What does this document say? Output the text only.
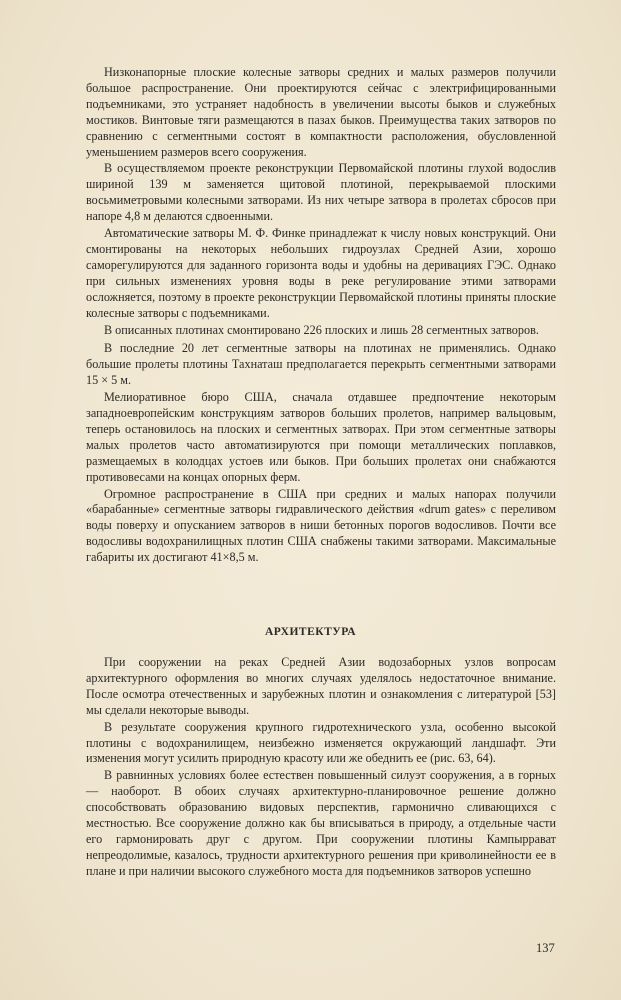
Низконапорные плоские колесные затворы средних и малых размеров получили большое распространение. Они проектируются сейчас с электрифицированными подъемниками, это устраняет надобность в увеличении высоты быков и служебных мостиков. Винтовые тяги размещаются в пазах быков. Преимущества таких затворов по сравнению с сегментными состоят в компактности расположения, обусловленной уменьшением размеров всего сооружения.

В осуществляемом проекте реконструкции Первомайской плотины глухой водослив шириной 139 м заменяется щитовой плотиной, перекрываемой плоскими восьмиметровыми колесными затворами. Из них четыре затвора в пролетах сбросов при напоре 4,8 м делаются сдвоенными.

Автоматические затворы М. Ф. Финке принадлежат к числу новых конструкций. Они смонтированы на некоторых небольших гидроузлах Средней Азии, хорошо саморегулируются для заданного горизонта воды и удобны на деривациях ГЭС. Однако при сильных изменениях уровня воды в реке регулирование этими затворами осложняется, поэтому в проекте реконструкции Первомайской плотины приняты плоские колесные затворы с подъемниками.

В описанных плотинах смонтировано 226 плоских и лишь 28 сегментных затворов.

В последние 20 лет сегментные затворы на плотинах не применялись. Однако большие пролеты плотины Тахнаташ предполагается перекрыть сегментными затворами 15 × 5 м.

Мелиоративное бюро США, сначала отдавшее предпочтение некоторым западноевропейским конструкциям затворов больших пролетов, например вальцовым, теперь остановилось на плоских и сегментных затворах. При этом сегментные затворы малых пролетов часто автоматизируются при помощи металлических поплавков, размещаемых в колодцах устоев или быков. При больших пролетах они снабжаются противовесами на концах опорных ферм.

Огромное распространение в США при средних и малых напорах получили «барабанные» сегментные затворы гидравлического действия «drum gates» с переливом воды поверху и опусканием затворов в ниши бетонных порогов водосливов. Почти все водосливы водохранилищных плотин США снабжены такими затворами. Максимальные габариты их достигают 41×8,5 м.

АРХИТЕКТУРА

При сооружении на реках Средней Азии водозаборных узлов вопросам архитектурного оформления во многих случаях уделялось недостаточное внимание. После осмотра отечественных и зарубежных плотин и ознакомления с литературой [53] мы сделали некоторые выводы.

В результате сооружения крупного гидротехнического узла, особенно высокой плотины с водохранилищем, неизбежно изменяется окружающий ландшафт. Эти изменения могут усилить природную красоту или же обеднить ее (рис. 63, 64).

В равнинных условиях более естествен повышенный силуэт сооружения, а в горных — наоборот. В обоих случаях архитектурно-планировочное решение должно способствовать образованию видовых перспектив, гармонично сливающихся с местностью. Все сооружение должно как бы вписываться в природу, а отдельные части его гармонировать друг с другом. При сооружении плотины Кампыррават непреодолимые, казалось, трудности архитектурного решения при криволинейности ее в плане и при наличии высокого служебного моста для подъемников затворов успешно

137
